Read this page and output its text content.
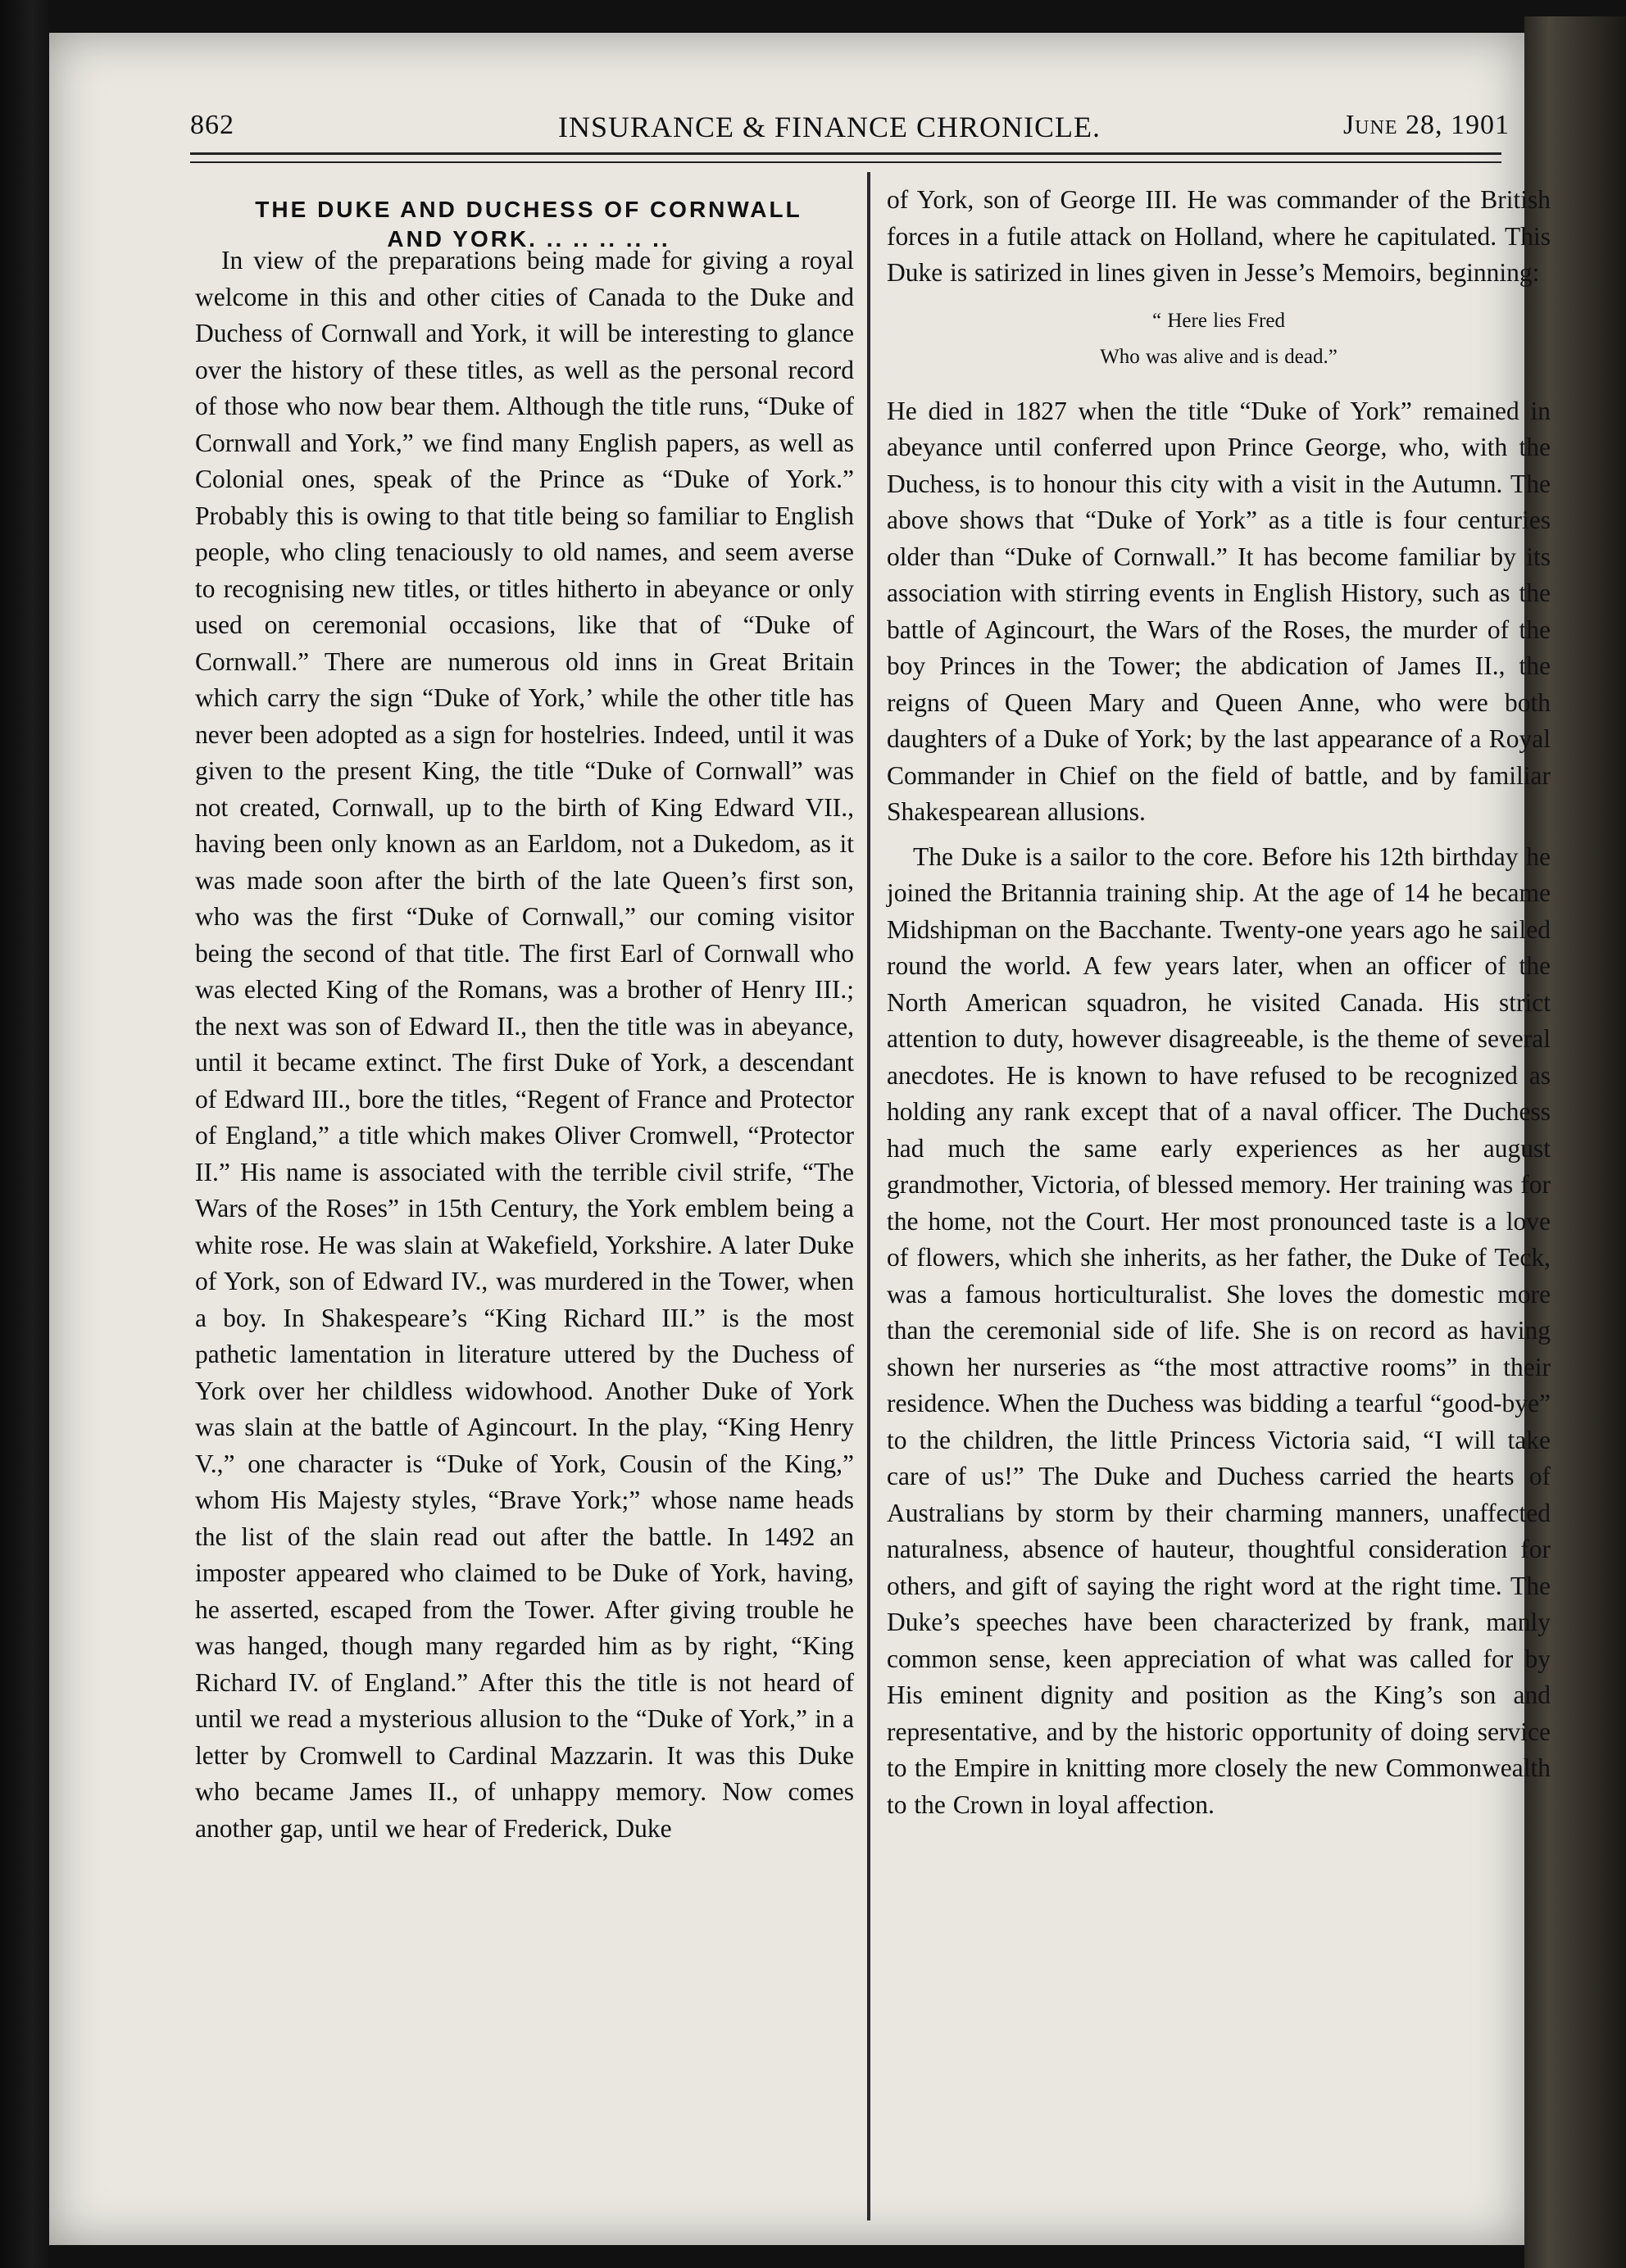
862	INSURANCE & FINANCE CHRONICLE.	June 28, 1901
THE DUKE AND DUCHESS OF CORNWALL
AND YORK. .. .. .. .. ..

In view of the preparations being made for giving a royal welcome in this and other cities of Canada to the Duke and Duchess of Cornwall and York, it will be interesting to glance over the history of these titles, as well as the personal record of those who now bear them. Although the title runs, “Duke of Cornwall and York,” we find many English papers, as well as Colonial ones, speak of the Prince as “Duke of York.” Probably this is owing to that title being so familiar to English people, who cling tenaciously to old names, and seem averse to recognising new titles, or titles hitherto in abeyance or only used on ceremonial occasions, like that of “Duke of Cornwall.” There are numerous old inns in Great Britain which carry the sign “Duke of York,’ while the other title has never been adopted as a sign for hostelries. Indeed, until it was given to the present King, the title “Duke of Cornwall” was not created, Cornwall, up to the birth of King Edward VII., having been only known as an Earldom, not a Dukedom, as it was made soon after the birth of the late Queen’s first son, who was the first “Duke of Cornwall,” our coming visitor being the second of that title. The first Earl of Cornwall who was elected King of the Romans, was a brother of Henry III.; the next was son of Edward II., then the title was in abeyance, until it became extinct. The first Duke of York, a descendant of Edward III., bore the titles, “Regent of France and Protector of England,” a title which makes Oliver Cromwell, “Protector II.” His name is associated with the terrible civil strife, “The Wars of the Roses” in 15th Century, the York emblem being a white rose. He was slain at Wakefield, Yorkshire. A later Duke of York, son of Edward IV., was murdered in the Tower, when a boy. In Shakespeare’s “King Richard III.” is the most pathetic lamentation in literature uttered by the Duchess of York over her childless widowhood. Another Duke of York was slain at the battle of Agincourt. In the play, “King Henry V.,” one character is “Duke of York, Cousin of the King,” whom His Majesty styles, “Brave York;” whose name heads the list of the slain read out after the battle. In 1492 an imposter appeared who claimed to be Duke of York, having, he asserted, escaped from the Tower. After giving trouble he was hanged, though many regarded him as by right, “King Richard IV. of England.” After this the title is not heard of until we read a mysterious allusion to the “Duke of York,” in a letter by Cromwell to Cardinal Mazzarin. It was this Duke who became James II., of unhappy memory. Now comes another gap, until we hear of Frederick, Duke

of York, son of George III. He was commander of the British forces in a futile attack on Holland, where he capitulated. This Duke is satirized in lines given in Jesse’s Memoirs, beginning:

“ Here lies Fred
Who was alive and is dead.”

He died in 1827 when the title “Duke of York” remained in abeyance until conferred upon Prince George, who, with the Duchess, is to honour this city with a visit in the Autumn. The above shows that “Duke of York” as a title is four centuries older than “Duke of Cornwall.” It has become familiar by its association with stirring events in English History, such as the battle of Agincourt, the Wars of the Roses, the murder of the boy Princes in the Tower; the abdication of James II., the reigns of Queen Mary and Queen Anne, who were both daughters of a Duke of York; by the last appearance of a Royal Commander in Chief on the field of battle, and by familiar Shakespearean allusions.

The Duke is a sailor to the core. Before his 12th birthday he joined the Britannia training ship. At the age of 14 he became Midshipman on the Bacchante. Twenty-one years ago he sailed round the world. A few years later, when an officer of the North American squadron, he visited Canada. His strict attention to duty, however disagreeable, is the theme of several anecdotes. He is known to have refused to be recognized as holding any rank except that of a naval officer. The Duchess had much the same early experiences as her august grandmother, Victoria, of blessed memory. Her training was for the home, not the Court. Her most pronounced taste is a love of flowers, which she inherits, as her father, the Duke of Teck, was a famous horticulturalist. She loves the domestic more than the ceremonial side of life. She is on record as having shown her nurseries as “the most attractive rooms” in their residence. When the Duchess was bidding a tearful “good-bye” to the children, the little Princess Victoria said, “I will take care of us!” The Duke and Duchess carried the hearts of Australians by storm by their charming manners, unaffected naturalness, absence of hauteur, thoughtful consideration for others, and gift of saying the right word at the right time. The Duke’s speeches have been characterized by frank, manly common sense, keen appreciation of what was called for by His eminent dignity and position as the King’s son and representative, and by the historic opportunity of doing service to the Empire in knitting more closely the new Commonwealth to the Crown in loyal affection.
